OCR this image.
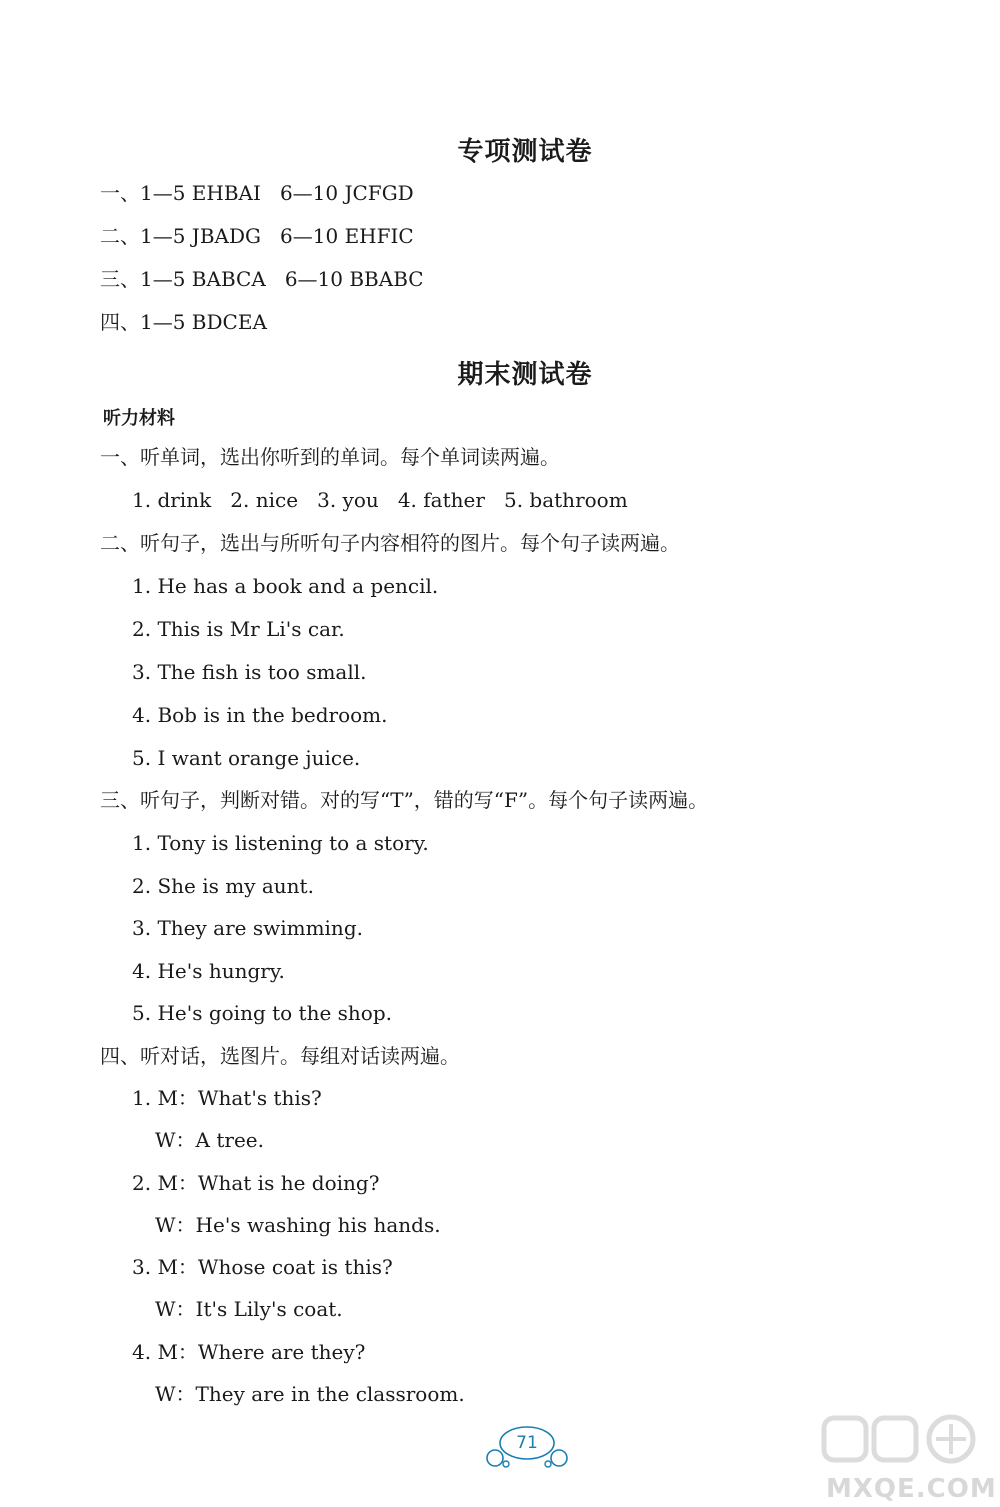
专项测试卷
一、1—5 EHBAI   6—10 JCFGD
二、1—5 JBADG   6—10 EHFIC
三、1—5 BABCA   6—10 BBABC
四、1—5 BDCEA
期末测试卷
听力材料
一、听单词，选出你听到的单词。每个单词读两遍。
1. drink   2. nice   3. you   4. father   5. bathroom
二、听句子，选出与所听句子内容相符的图片。每个句子读两遍。
1. He has a book and a pencil.
2. This is Mr Li's car.
3. The fish is too small.
4. Bob is in the bedroom.
5. I want orange juice.
三、听句子，判断对错。对的写“T”，错的写“F”。每个句子读两遍。
1. Tony is listening to a story.
2. She is my aunt.
3. They are swimming.
4. He's hungry.
5. He's going to the shop.
四、听对话，选图片。每组对话读两遍。
1. M：What's this?
W：A tree.
2. M：What is he doing?
W：He's washing his hands.
3. M：Whose coat is this?
W：It's Lily's coat.
4. M：Where are they?
W：They are in the classroom.
71
MXQE.COM
